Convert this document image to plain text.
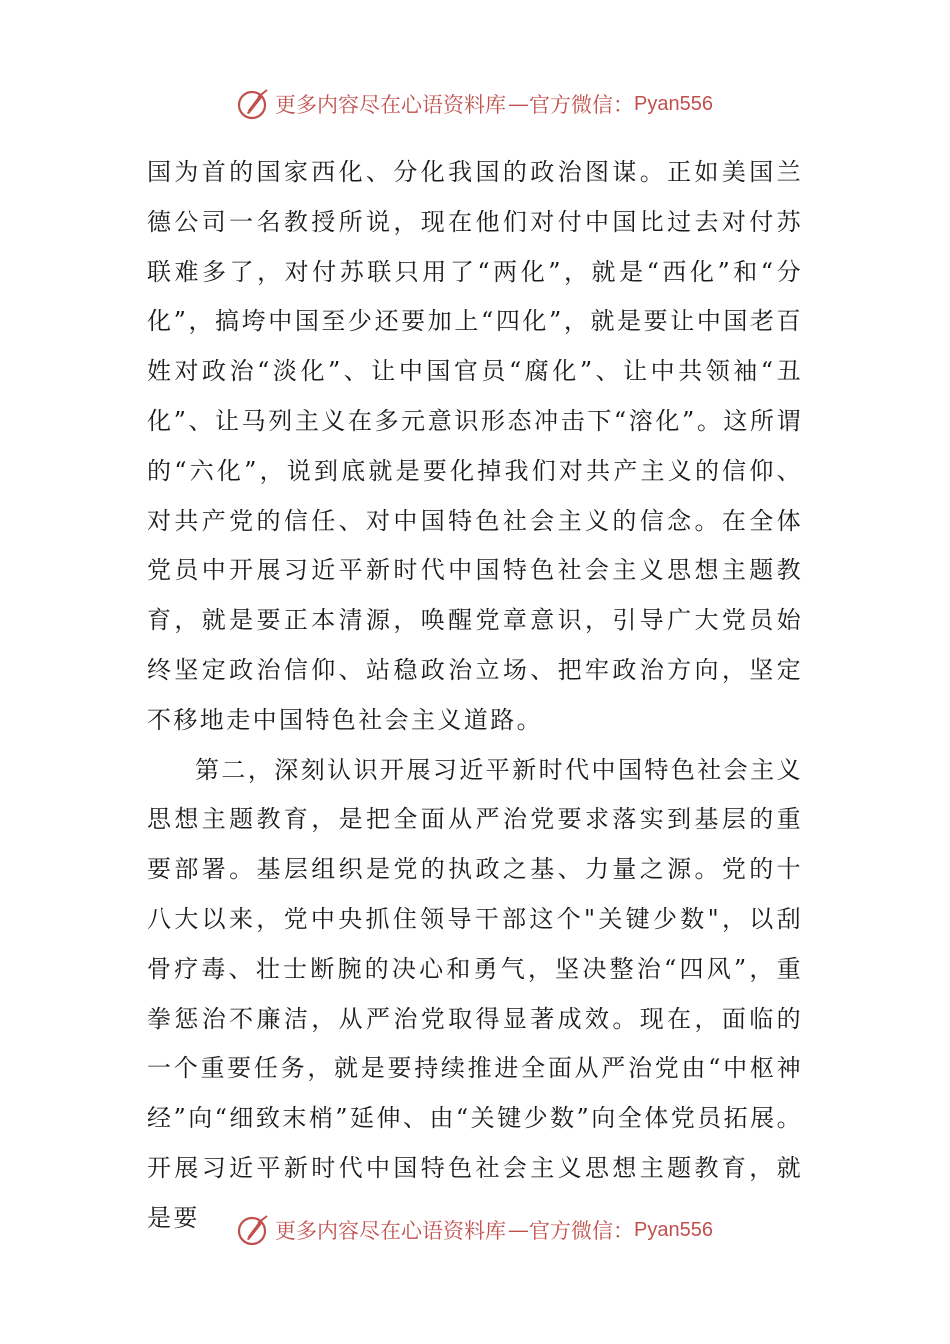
更多内容尽在心语资料库 — 官方微信： Pyan556

国为首的国家西化、分化我国的政治图谋。正如美国兰德公司一名教授所说，现在他们对付中国比过去对付苏联难多了，对付苏联只用了“两化”，就是“西化”和“分化”，搞垮中国至少还要加上“四化”，就是要让中国老百姓对政治“淡化”、让中国官员“腐化”、让中共领袖“丑化”、让马列主义在多元意识形态冲击下“溶化”。这所谓的“六化”，说到底就是要化掉我们对共产主义的信仰、对共产党的信任、对中国特色社会主义的信念。在全体党员中开展习近平新时代中国特色社会主义思想主题教育，就是要正本清源，唤醒党章意识，引导广大党员始终坚定政治信仰、站稳政治立场、把牢政治方向，坚定不移地走中国特色社会主义道路。

第二，深刻认识开展习近平新时代中国特色社会主义思想主题教育，是把全面从严治党要求落实到基层的重要部署。基层组织是党的执政之基、力量之源。党的十八大以来，党中央抓住领导干部这个"关键少数"，以刮骨疗毒、壮士断腕的决心和勇气，坚决整治“四风”，重拳惩治不廉洁，从严治党取得显著成效。现在，面临的一个重要任务，就是要持续推进全面从严治党由“中枢神经”向“细致末梢”延伸、由“关键少数”向全体党员拓展。开展习近平新时代中国特色社会主义思想主题教育，就是要	更多内容尽在心语资料库 — 官方微信： Pyan556
